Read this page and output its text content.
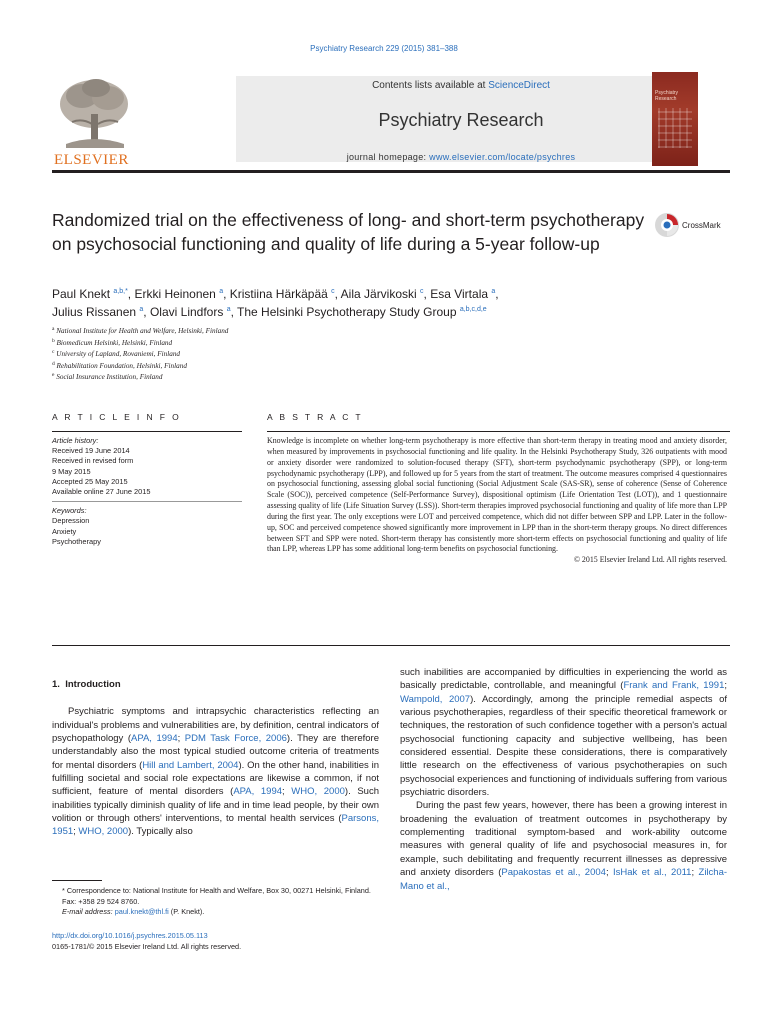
Psychiatry Research 229 (2015) 381–388
ELSEVIER
Contents lists available at ScienceDirect
Psychiatry Research
journal homepage: www.elsevier.com/locate/psychres
Psychiatry Research
Randomized trial on the effectiveness of long- and short-term psychotherapy on psychosocial functioning and quality of life during a 5-year follow-up
CrossMark
Paul Knekt $^{a,b,*}$, Erkki Heinonen $^a$, Kristiina Härkäpää $^c$, Aila Järvikoski $^c$, Esa Virtala $^a$,
Julius Rissanen $^a$, Olavi Lindfors $^a$, The Helsinki Psychotherapy Study Group $^{a,b,c,d,e}$
$^a$ National Institute for Health and Welfare, Helsinki, Finland
$^b$ Biomedicum Helsinki, Helsinki, Finland
$^c$ University of Lapland, Rovaniemi, Finland
$^d$ Rehabilitation Foundation, Helsinki, Finland
$^e$ Social Insurance Institution, Finland
A R T I C L E I N F O	A B S T R A C T
Article history:
Received 19 June 2014
Received in revised form
9 May 2015
Accepted 25 May 2015
Available online 27 June 2015
Keywords:
Depression
Anxiety
Psychotherapy
Knowledge is incomplete on whether long-term psychotherapy is more effective than short-term therapy in treating mood and anxiety disorder, when measured by improvements in psychosocial functioning and life quality. In the Helsinki Psychotherapy Study, 326 outpatients with mood or anxiety disorder were randomized to solution-focused therapy (SFT), short-term psychodynamic psychotherapy (SPP), or long-term psychodynamic psychotherapy (LPP), and followed up for 5 years from the start of treatment. The outcome measures comprised 4 questionnaires on psychosocial functioning, assessing global social functioning (Social Adjustment Scale (SAS-SR), sense of coherence (Sense of Coherence Scale (SOC)), perceived competence (Self-Performance Survey), dispositional optimism (Life Orientation Test (LOT)), and 1 questionnaire assessing quality of life (Life Situation Survey (LSS)). Short-term therapies improved psychosocial functioning and quality of life more than LPP during the first year. The only exceptions were LOT and perceived competence, which did not differ between SPP and LPP. Later in the follow-up, SOC and perceived competence showed significantly more improvement in LPP than in the short-term therapy groups. No direct differences between SFT and SPP were noted. Short-term therapy has consistently more short-term effects on psychosocial functioning and quality of life than LPP, whereas LPP has some additional long-term benefits on psychosocial functioning.
© 2015 Elsevier Ireland Ltd. All rights reserved.
1. Introduction

Psychiatric symptoms and intrapsychic characteristics reflecting an individual's problems and vulnerabilities are, by definition, central indicators of psychopathology (APA, 1994; PDM Task Force, 2006). They are therefore understandably also the most typical studied outcome criteria of treatments for mental disorders (Hill and Lambert, 2004). On the other hand, inabilities in fulfilling societal and social role expectations are likewise a common, if not sufficient, feature of mental disorders (APA, 1994; WHO, 2000). Such inabilities typically diminish quality of life and in time lead people, by their own volition or through others' interventions, to mental health services (Parsons, 1951; WHO, 2000). Typically also

such inabilities are accompanied by difficulties in experiencing the world as basically predictable, controllable, and meaningful (Frank and Frank, 1991; Wampold, 2007). Accordingly, among the principle remedial aspects of various psychotherapies, regardless of their specific theoretical framework or techniques, the restoration of such confidence together with a person's actual psychosocial functioning capacity and subjective wellbeing, has been considered essential. Despite these considerations, there is comparatively little research on the effectiveness of various psychotherapies on such psychosocial experiences and functioning of individuals suffering from various psychiatric disorders.

During the past few years, however, there has been a growing interest in broadening the evaluation of treatment outcomes in psychotherapy by complementing traditional symptom-based and work-ability outcome measures with general quality of life and psychosocial measures in, for example, such debilitating and frequently recurrent illnesses as depressive and anxiety disorders (Papakostas et al., 2004; IsHak et al., 2011; Zilcha-Mano et al.,

* Correspondence to: National Institute for Health and Welfare, Box 30, 00271 Helsinki, Finland. Fax: +358 29 524 8760.
E-mail address: paul.knekt@thl.fi (P. Knekt).
http://dx.doi.org/10.1016/j.psychres.2015.05.113
0165-1781/© 2015 Elsevier Ireland Ltd. All rights reserved.
